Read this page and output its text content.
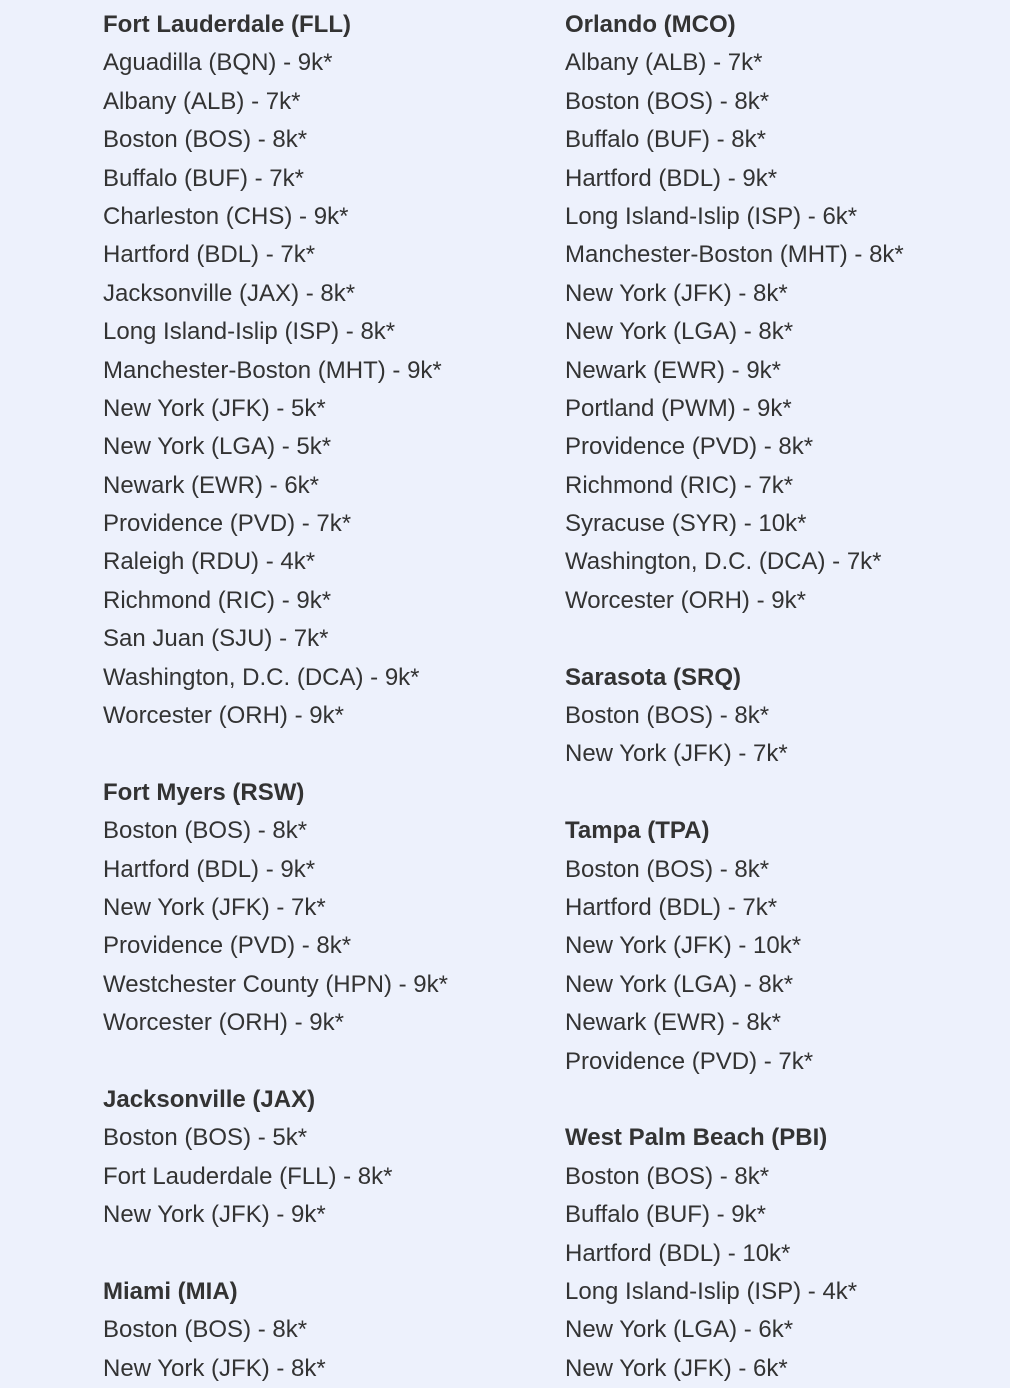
Fort Lauderdale (FLL)
Aguadilla (BQN) - 9k*
Albany (ALB) - 7k*
Boston (BOS) - 8k*
Buffalo (BUF) - 7k*
Charleston (CHS) - 9k*
Hartford (BDL) - 7k*
Jacksonville (JAX) - 8k*
Long Island-Islip (ISP) - 8k*
Manchester-Boston (MHT) - 9k*
New York (JFK) - 5k*
New York (LGA) - 5k*
Newark (EWR) - 6k*
Providence (PVD) - 7k*
Raleigh (RDU) - 4k*
Richmond (RIC) - 9k*
San Juan (SJU) - 7k*
Washington, D.C. (DCA) - 9k*
Worcester (ORH) - 9k*
Fort Myers (RSW)
Boston (BOS) - 8k*
Hartford (BDL) - 9k*
New York (JFK) - 7k*
Providence (PVD) - 8k*
Westchester County (HPN) - 9k*
Worcester (ORH) - 9k*
Jacksonville (JAX)
Boston (BOS) - 5k*
Fort Lauderdale (FLL) - 8k*
New York (JFK) - 9k*
Miami (MIA)
Boston (BOS) - 8k*
New York (JFK) - 8k*
Orlando (MCO)
Albany (ALB) - 7k*
Boston (BOS) - 8k*
Buffalo (BUF) - 8k*
Hartford (BDL) - 9k*
Long Island-Islip (ISP) - 6k*
Manchester-Boston (MHT) - 8k*
New York (JFK) - 8k*
New York (LGA) - 8k*
Newark (EWR) - 9k*
Portland (PWM) - 9k*
Providence (PVD) - 8k*
Richmond (RIC) - 7k*
Syracuse (SYR) - 10k*
Washington, D.C. (DCA) - 7k*
Worcester (ORH) - 9k*
Sarasota (SRQ)
Boston (BOS) - 8k*
New York (JFK) - 7k*
Tampa (TPA)
Boston (BOS) - 8k*
Hartford (BDL) - 7k*
New York (JFK) - 10k*
New York (LGA) - 8k*
Newark (EWR) - 8k*
Providence (PVD) - 7k*
West Palm Beach (PBI)
Boston (BOS) - 8k*
Buffalo (BUF) - 9k*
Hartford (BDL) - 10k*
Long Island-Islip (ISP) - 4k*
New York (LGA) - 6k*
New York (JFK) - 6k*
